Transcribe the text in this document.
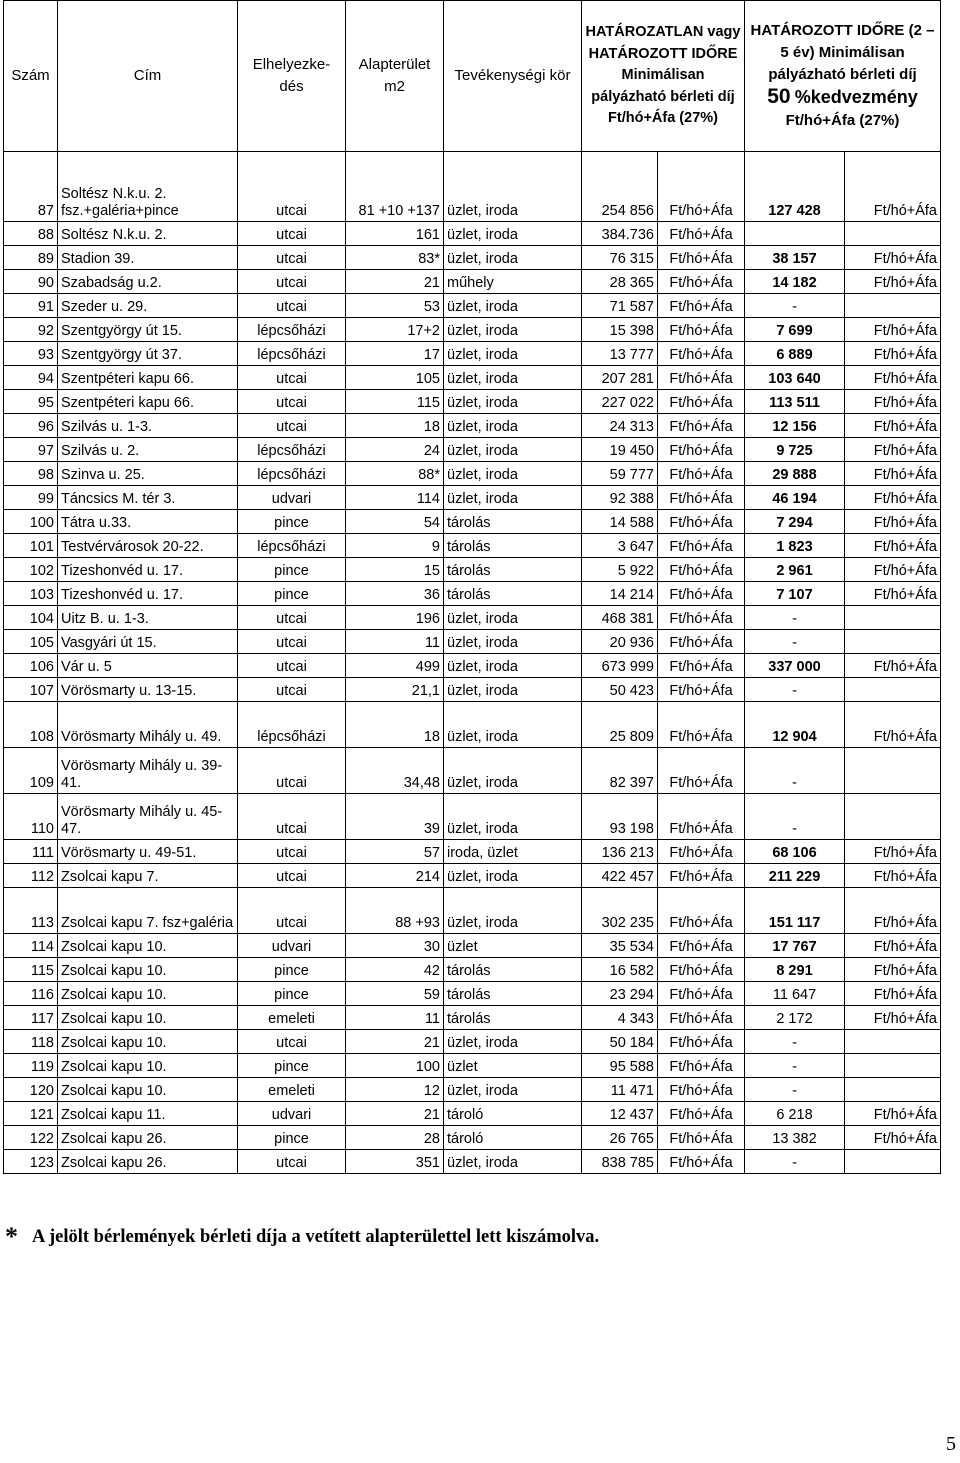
Szám	Cím	Elhelyezke-dés	Alapterület m2	Tevékenységi kör	HATÁROZATLAN vagy HATÁROZOTT IDŐRE Minimálisan pályázható bérleti díj Ft/hó+Áfa (27%)		HATÁROZOTT IDŐRE (2 – 5 év) Minimálisan pályázható bérleti díj
50 %kedvezmény
Ft/hó+Áfa (27%)	
87	Soltész N.k.u. 2. fsz.+galéria+pince	utcai	81 +10 +137	üzlet, iroda	254 856	Ft/hó+Áfa	127 428	Ft/hó+Áfa
88	Soltész N.k.u. 2.	utcai	161	üzlet, iroda	384.736	Ft/hó+Áfa		
89	Stadion 39.	utcai	83*	üzlet, iroda	76 315	Ft/hó+Áfa	38 157	Ft/hó+Áfa
90	Szabadság u.2.	utcai	21	műhely	28 365	Ft/hó+Áfa	14 182	Ft/hó+Áfa
91	Szeder u. 29.	utcai	53	üzlet, iroda	71 587	Ft/hó+Áfa	-	
92	Szentgyörgy út 15.	lépcsőházi	17+2	üzlet, iroda	15 398	Ft/hó+Áfa	7 699	Ft/hó+Áfa
93	Szentgyörgy út 37.	lépcsőházi	17	üzlet, iroda	13 777	Ft/hó+Áfa	6 889	Ft/hó+Áfa
94	Szentpéteri kapu 66.	utcai	105	üzlet, iroda	207 281	Ft/hó+Áfa	103 640	Ft/hó+Áfa
95	Szentpéteri kapu 66.	utcai	115	üzlet, iroda	227 022	Ft/hó+Áfa	113 511	Ft/hó+Áfa
96	Szilvás u. 1-3.	utcai	18	üzlet, iroda	24 313	Ft/hó+Áfa	12 156	Ft/hó+Áfa
97	Szilvás u. 2.	lépcsőházi	24	üzlet, iroda	19 450	Ft/hó+Áfa	9 725	Ft/hó+Áfa
98	Szinva u. 25.	lépcsőházi	88*	üzlet, iroda	59 777	Ft/hó+Áfa	29 888	Ft/hó+Áfa
99	Táncsics M. tér 3.	udvari	114	üzlet, iroda	92 388	Ft/hó+Áfa	46 194	Ft/hó+Áfa
100	Tátra u.33.	pince	54	tárolás	14 588	Ft/hó+Áfa	7 294	Ft/hó+Áfa
101	Testvérvárosok 20-22.	lépcsőházi	9	tárolás	3 647	Ft/hó+Áfa	1 823	Ft/hó+Áfa
102	Tizeshonvéd u. 17.	pince	15	tárolás	5 922	Ft/hó+Áfa	2 961	Ft/hó+Áfa
103	Tizeshonvéd u. 17.	pince	36	tárolás	14 214	Ft/hó+Áfa	7 107	Ft/hó+Áfa
104	Uitz B. u. 1-3.	utcai	196	üzlet, iroda	468 381	Ft/hó+Áfa	-	
105	Vasgyári út 15.	utcai	11	üzlet, iroda	20 936	Ft/hó+Áfa	-	
106	Vár u. 5	utcai	499	üzlet, iroda	673 999	Ft/hó+Áfa	337 000	Ft/hó+Áfa
107	Vörösmarty u. 13-15.	utcai	21,1	üzlet, iroda	50 423	Ft/hó+Áfa	-	
108	Vörösmarty Mihály u. 49.	lépcsőházi	18	üzlet, iroda	25 809	Ft/hó+Áfa	12 904	Ft/hó+Áfa
109	Vörösmarty Mihály u. 39- 41.	utcai	34,48	üzlet, iroda	82 397	Ft/hó+Áfa	-	
110	Vörösmarty Mihály u. 45- 47.	utcai	39	üzlet, iroda	93 198	Ft/hó+Áfa	-	
111	Vörösmarty u. 49-51.	utcai	57	iroda, üzlet	136 213	Ft/hó+Áfa	68 106	Ft/hó+Áfa
112	Zsolcai kapu 7.	utcai	214	üzlet, iroda	422 457	Ft/hó+Áfa	211 229	Ft/hó+Áfa
113	Zsolcai kapu 7. fsz+galéria	utcai	88 +93	üzlet, iroda	302 235	Ft/hó+Áfa	151 117	Ft/hó+Áfa
114	Zsolcai kapu 10.	udvari	30	üzlet	35 534	Ft/hó+Áfa	17 767	Ft/hó+Áfa
115	Zsolcai kapu 10.	pince	42	tárolás	16 582	Ft/hó+Áfa	8 291	Ft/hó+Áfa
116	Zsolcai kapu 10.	pince	59	tárolás	23 294	Ft/hó+Áfa	11 647	Ft/hó+Áfa
117	Zsolcai kapu 10.	emeleti	11	tárolás	4 343	Ft/hó+Áfa	2 172	Ft/hó+Áfa
118	Zsolcai kapu 10.	utcai	21	üzlet, iroda	50 184	Ft/hó+Áfa	-	
119	Zsolcai kapu 10.	pince	100	üzlet	95 588	Ft/hó+Áfa	-	
120	Zsolcai kapu 10.	emeleti	12	üzlet, iroda	11 471	Ft/hó+Áfa	-	
121	Zsolcai kapu 11.	udvari	21	tároló	12 437	Ft/hó+Áfa	6 218	Ft/hó+Áfa
122	Zsolcai kapu 26.	pince	28	tároló	26 765	Ft/hó+Áfa	13 382	Ft/hó+Áfa
123	Zsolcai kapu 26.	utcai	351	üzlet, iroda	838 785	Ft/hó+Áfa	-	
* A jelölt bérlemények bérleti díja a vetített alapterülettel lett kiszámolva.
5
